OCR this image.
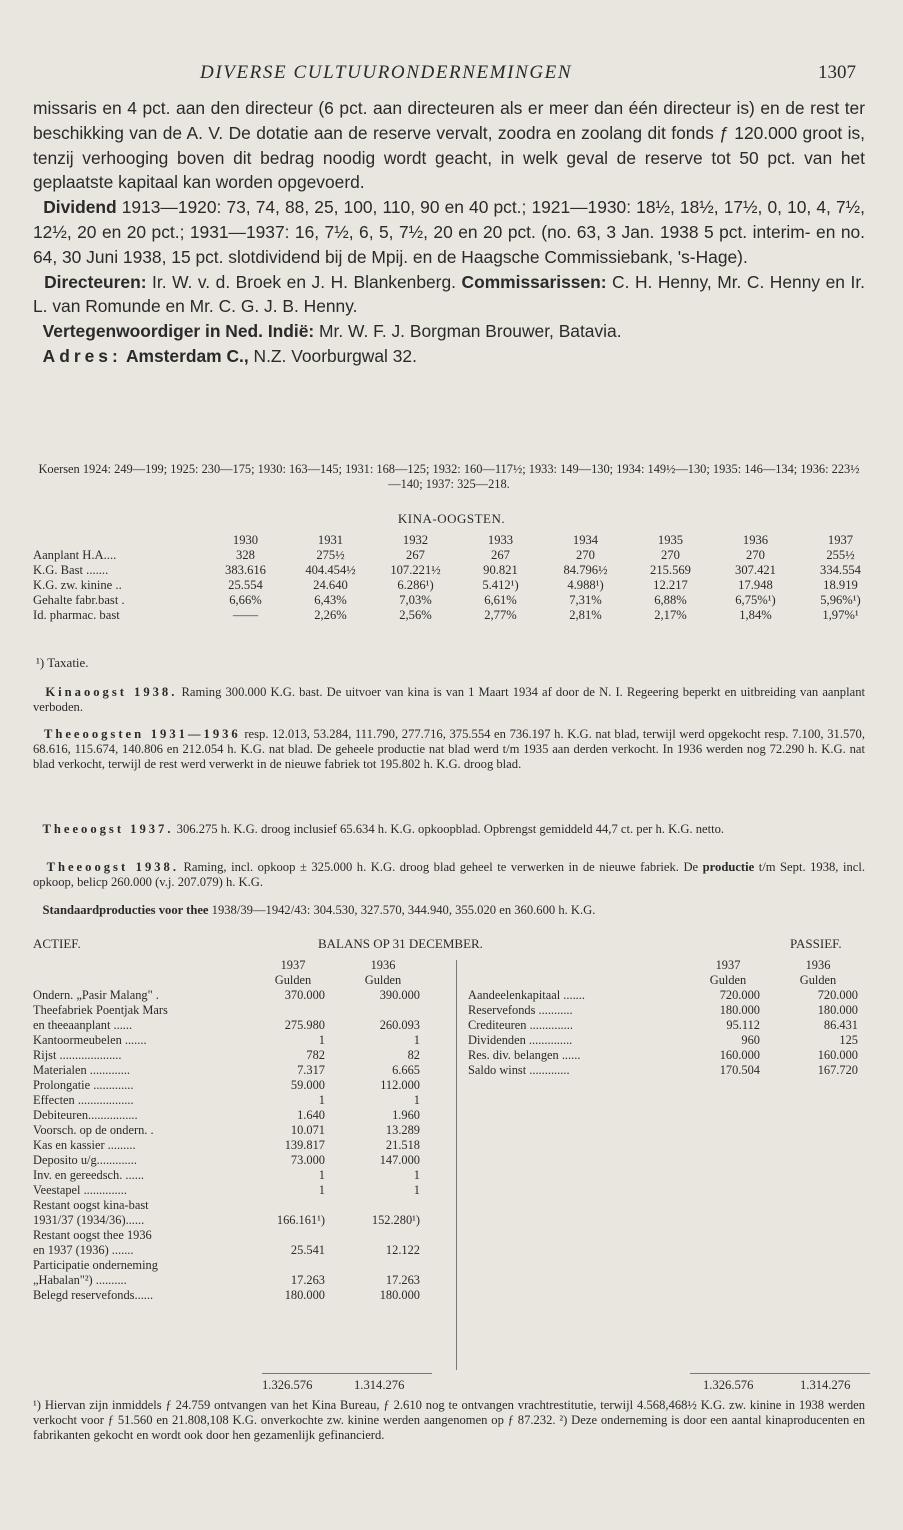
DIVERSE CULTUURONDERNEMINGEN	1307

missaris en 4 pct. aan den directeur (6 pct. aan directeuren als er meer dan één directeur is) en de rest ter beschikking van de A. V. De dotatie aan de reserve vervalt, zoodra en zoolang dit fonds ƒ 120.000 groot is, tenzij verhooging boven dit bedrag noodig wordt geacht, in welk geval de reserve tot 50 pct. van het geplaatste kapitaal kan worden opgevoerd.

Dividend 1913—1920: 73, 74, 88, 25, 100, 110, 90 en 40 pct.; 1921—1930: 18½, 18½, 17½, 0, 10, 4, 7½, 12½, 20 en 20 pct.; 1931—1937: 16, 7½, 6, 5, 7½, 20 en 20 pct. (no. 63, 3 Jan. 1938 5 pct. interim- en no. 64, 30 Juni 1938, 15 pct. slotdividend bij de Mpij. en de Haagsche Commissiebank, 's-Hage).

Directeuren: Ir. W. v. d. Broek en J. H. Blankenberg. Commissarissen: C. H. Henny, Mr. C. Henny en Ir. L. van Romunde en Mr. C. G. J. B. Henny.

Vertegenwoordiger in Ned. Indië: Mr. W. F. J. Borgman Brouwer, Batavia.

Adres: Amsterdam C., N.Z. Voorburgwal 32.

Koersen 1924: 249—199; 1925: 230—175; 1930: 163—145; 1931: 168—125; 1932: 160—117½; 1933: 149—130; 1934: 149½—130; 1935: 146—134; 1936: 223½—140; 1937: 325—218.
KINA-OOGSTEN.
	1930	1931	1932	1933	1934	1935	1936	1937
Aanplant H.A....	328	275½	267	267	270	270	270	255½
K.G. Bast .......	383.616	404.454½	107.221½	90.821	84.796½	215.569	307.421	334.554
K.G. zw. kinine ..	25.554	24.640	6.286¹)	5.412¹)	4.988¹)	12.217	17.948	18.919
Gehalte fabr.bast .	6,66%	6,43%	7,03%	6,61%	7,31%	6,88%	6,75%¹)	5,96%¹)
Id. pharmac. bast	——	2,26%	2,56%	2,77%	2,81%	2,17%	1,84%	1,97%¹
¹) Taxatie.
Kinaoogst 1938. Raming 300.000 K.G. bast. De uitvoer van kina is van 1 Maart 1934 af door de N. I. Regeering beperkt en uitbreiding van aanplant verboden.
Theeoogsten 1931—1936 resp. 12.013, 53.284, 111.790, 277.716, 375.554 en 736.197 h. K.G. nat blad, terwijl werd opgekocht resp. 7.100, 31.570, 68.616, 115.674, 140.806 en 212.054 h. K.G. nat blad. De geheele productie nat blad werd t/m 1935 aan derden verkocht. In 1936 werden nog 72.290 h. K.G. nat blad verkocht, terwijl de rest werd verwerkt in de nieuwe fabriek tot 195.802 h. K.G. droog blad.
Theeoogst 1937. 306.275 h. K.G. droog inclusief 65.634 h. K.G. opkoopblad. Opbrengst gemiddeld 44,7 ct. per h. K.G. netto.
Theeoogst 1938. Raming, incl. opkoop ± 325.000 h. K.G. droog blad geheel te verwerken in de nieuwe fabriek. De productie t/m Sept. 1938, incl. opkoop, belicp 260.000 (v.j. 207.079) h. K.G.
Standaardproducties voor thee 1938/39—1942/43: 304.530, 327.570, 344.940, 355.020 en 360.600 h. K.G.
ACTIEF.	BALANS OP 31 DECEMBER.	PASSIEF.
1937	1936
Gulden	Gulden
Ondern. „Pasir Malang" .	370.000	390.000
Theefabriek Poentjak Mars
en theeaanplant ......	275.980	260.093
Kantoormeubelen .......	1	1
Rijst ....................	782	82
Materialen .............	7.317	6.665
Prolongatie .............	59.000	112.000
Effecten ..................	1	1
Debiteuren................	1.640	1.960
Voorsch. op de ondern. .	10.071	13.289
Kas en kassier .........	139.817	21.518
Deposito u/g.............	73.000	147.000
Inv. en gereedsch. ......	1	1
Veestapel ..............	1	1
Restant oogst kina-bast
1931/37 (1934/36)......	166.161¹)	152.280¹)
Restant oogst thee 1936
en 1937 (1936) .......	25.541	12.122
Participatie onderneming
„Habalan"²) ..........	17.263	17.263
Belegd reservefonds......	180.000	180.000
1937	1936
Gulden	Gulden
Aandeelenkapitaal .......	720.000	720.000
Reservefonds ...........	180.000	180.000
Crediteuren ..............	95.112	86.431
Dividenden ..............	960	125
Res. div. belangen ......	160.000	160.000
Saldo winst .............	170.504	167.720
1.326.576	1.314.276	1.326.576	1.314.276
¹) Hiervan zijn inmiddels ƒ 24.759 ontvangen van het Kina Bureau, ƒ 2.610 nog te ontvangen vrachtrestitutie, terwijl 4.568,468½ K.G. zw. kinine in 1938 werden verkocht voor ƒ 51.560 en 21.808,108 K.G. onverkochte zw. kinine werden aangenomen op ƒ 87.232. ²) Deze onderneming is door een aantal kinaproducenten en fabrikanten gekocht en wordt ook door hen gezamenlijk gefinancierd.
